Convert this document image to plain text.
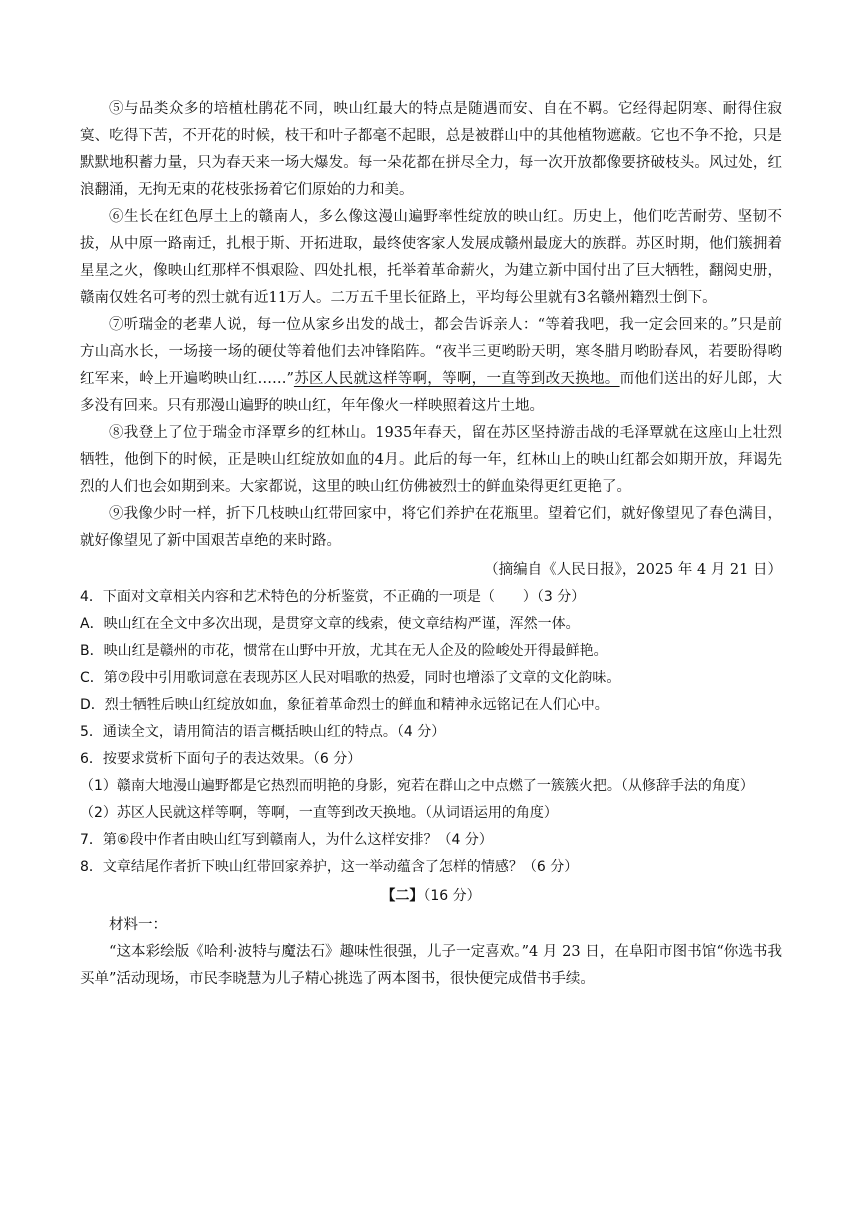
⑤与品类众多的培植杜鹃花不同，映山红最大的特点是随遇而安、自在不羁。它经得起阴寒、耐得住寂寞、吃得下苦，不开花的时候，枝干和叶子都毫不起眼，总是被群山中的其他植物遮蔽。它也不争不抢，只是默默地积蓄力量，只为春天来一场大爆发。每一朵花都在拼尽全力，每一次开放都像要挤破枝头。风过处，红浪翻涌，无拘无束的花枝张扬着它们原始的力和美。

⑥生长在红色厚土上的赣南人，多么像这漫山遍野率性绽放的映山红。历史上，他们吃苦耐劳、坚韧不拔，从中原一路南迁，扎根于斯、开拓进取，最终使客家人发展成赣州最庞大的族群。苏区时期，他们簇拥着星星之火，像映山红那样不惧艰险、四处扎根，托举着革命薪火，为建立新中国付出了巨大牺牲，翻阅史册，赣南仅姓名可考的烈士就有近11万人。二万五千里长征路上，平均每公里就有3名赣州籍烈士倒下。

⑦听瑞金的老辈人说，每一位从家乡出发的战士，都会告诉亲人：“等着我吧，我一定会回来的。”只是前方山高水长，一场接一场的硬仗等着他们去冲锋陷阵。“夜半三更哟盼天明，寒冬腊月哟盼春风，若要盼得哟红军来，岭上开遍哟映山红……”苏区人民就这样等啊，等啊，一直等到改天换地。而他们送出的好儿郎，大多没有回来。只有那漫山遍野的映山红，年年像火一样映照着这片土地。

⑧我登上了位于瑞金市泽覃乡的红林山。1935年春天，留在苏区坚持游击战的毛泽覃就在这座山上壮烈牺牲，他倒下的时候，正是映山红绽放如血的4月。此后的每一年，红林山上的映山红都会如期开放，拜谒先烈的人们也会如期到来。大家都说，这里的映山红仿佛被烈士的鲜血染得更红更艳了。

⑨我像少时一样，折下几枝映山红带回家中，将它们养护在花瓶里。望着它们，就好像望见了春色满目，就好像望见了新中国艰苦卓绝的来时路。

（摘编自《人民日报》，2025 年 4 月 21 日）

4．下面对文章相关内容和艺术特色的分析鉴赏，不正确的一项是（　　）（3 分）

A．映山红在全文中多次出现，是贯穿文章的线索，使文章结构严谨，浑然一体。

B．映山红是赣州的市花，惯常在山野中开放，尤其在无人企及的险峻处开得最鲜艳。

C．第⑦段中引用歌词意在表现苏区人民对唱歌的热爱，同时也增添了文章的文化韵味。

D．烈士牺牲后映山红绽放如血，象征着革命烈士的鲜血和精神永远铭记在人们心中。

5．通读全文，请用简洁的语言概括映山红的特点。（4 分）

6．按要求赏析下面句子的表达效果。（6 分）

（1）赣南大地漫山遍野都是它热烈而明艳的身影，宛若在群山之中点燃了一簇簇火把。（从修辞手法的角度）

（2）苏区人民就这样等啊，等啊，一直等到改天换地。（从词语运用的角度）

7．第⑥段中作者由映山红写到赣南人，为什么这样安排？（4 分）

8．文章结尾作者折下映山红带回家养护，这一举动蕴含了怎样的情感？（6 分）

【二】（16 分）

材料一：

“这本彩绘版《哈利·波特与魔法石》趣味性很强，儿子一定喜欢。”4 月 23 日，在阜阳市图书馆“你选书我买单”活动现场，市民李晓慧为儿子精心挑选了两本图书，很快便完成借书手续。
